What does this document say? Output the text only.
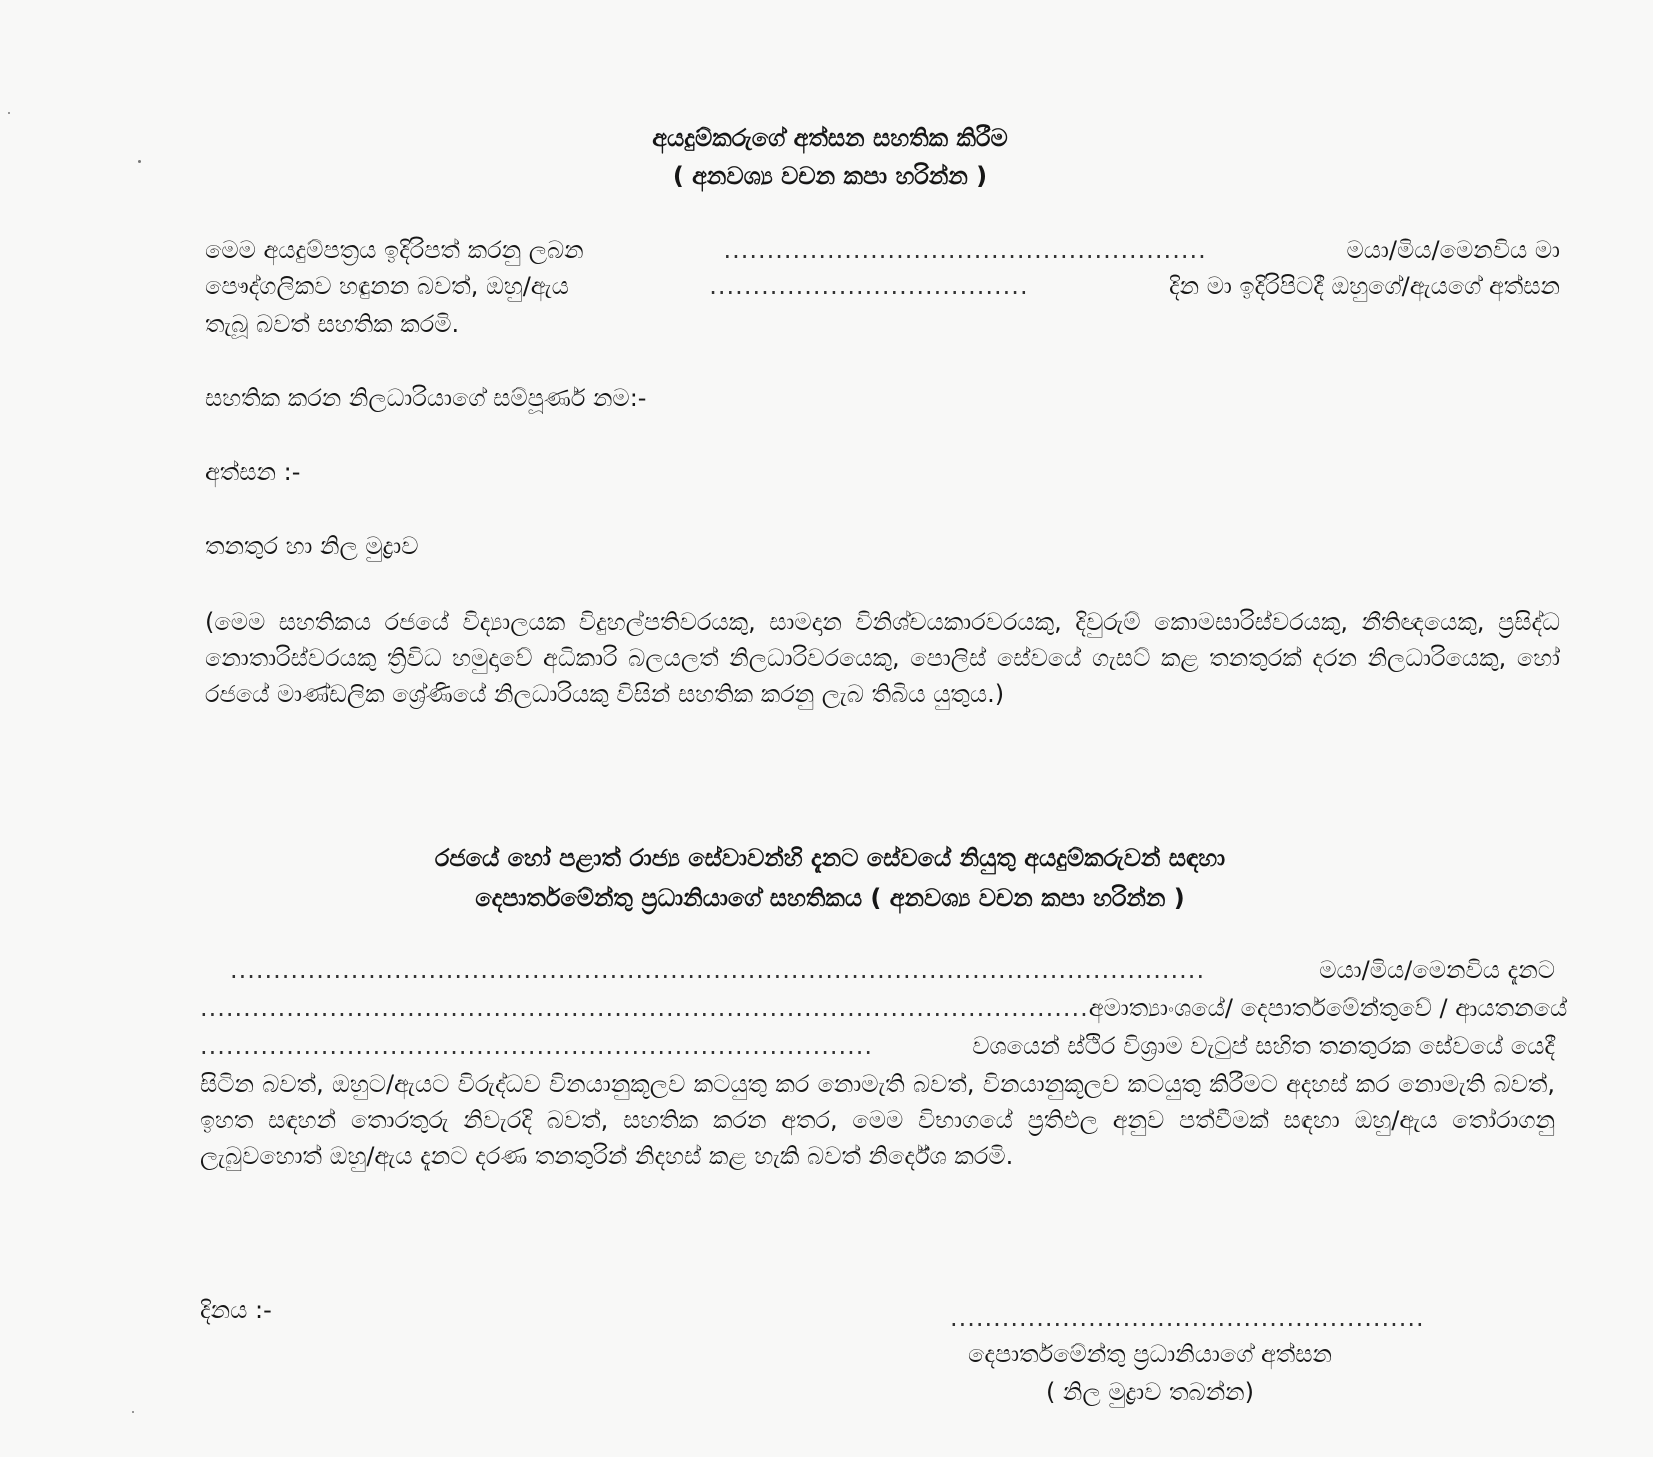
අයදුම්කරුගේ අත්සන සහතික කිරීම
( අනවශ්‍ය වචන කපා හරින්න )
මෙම අයදුම්පත්‍රය ඉදිරිපත් කරනු ලබන	........................................................	මයා/මිය/මෙනවිය මා
පෞද්ගලිකව හඳුනන බවත්, ඔහු/ඇය	.....................................	දින මා ඉදිරිපිටදී ඔහුගේ/ඇයගේ අත්සන
තැබූ බවත් සහතික කරමි.
සහතික කරන නිලධාරියාගේ සම්පූර්ණ නම:-
අත්සන :-
තනතුර හා නිල මුද්‍රාව
(මෙම සහතිකය රජයේ විද්‍යාලයක විදුහල්පතිවරයකු, සාමදාන විනිශ්චයකාරවරයකු, දිවුරුම් කොමසාරිස්වරයකු, නීතිඥයෙකු, ප්‍රසිද්ධ නොතාරිස්වරයකු ත්‍රිවිධ හමුදාවේ අධිකාරි බලයලත් නිලධාරිවරයෙකු, පොලිස් සේවයේ ගැසට් කළ තනතුරක් දරන නිලධාරියෙකු, හෝ රජයේ මාණ්ඩලික ශ්‍රේණියේ නිලධාරියකු විසින් සහතික කරනු ලැබ තිබිය යුතුය.)
රජයේ හෝ පළාත් රාජ්‍ය සේවාවන්හි දැනට සේවයේ නියුතු අයදුම්කරුවන් සඳහා
දෙපාර්තමේන්තු ප්‍රධානියාගේ සහතිකය ( අනවශ්‍ය වචන කපා හරින්න )
.................................................................................................................	මයා/මිය/මෙනවිය දැනට
....................................................................................................... අමාත්‍යාංශයේ/ දෙපාර්තමේන්තුවේ / ආයතනයේ
..............................................................................	වශයෙන් ස්ථිර විශ්‍රාම වැටුප් සහිත තනතුරක සේවයේ යෙදී
සිටින බවත්, ඔහුට/ඇයට විරුද්ධව විනයානුකූලව කටයුතු කර නොමැති බවත්, විනයානුකූලව කටයුතු කිරීමට අදහස් කර නොමැති බවත්, ඉහත සඳහන් තොරතුරු නිවැරදි බවත්, සහතික කරන අතර, මෙම විභාගයේ ප්‍රතිඵල අනුව පත්වීමක් සඳහා ඔහු/ඇය තෝරාගනු ලැබුවහොත් ඔහු/ඇය දැනට දරණ තනතුරින් නිදහස් කළ හැකි බවත් නිර්දේශ කරමි.
දිනය :-	.......................................................
දෙපාර්තමේන්තු ප්‍රධානියාගේ අත්සන
( නිල මුද්‍රාව තබන්න)
